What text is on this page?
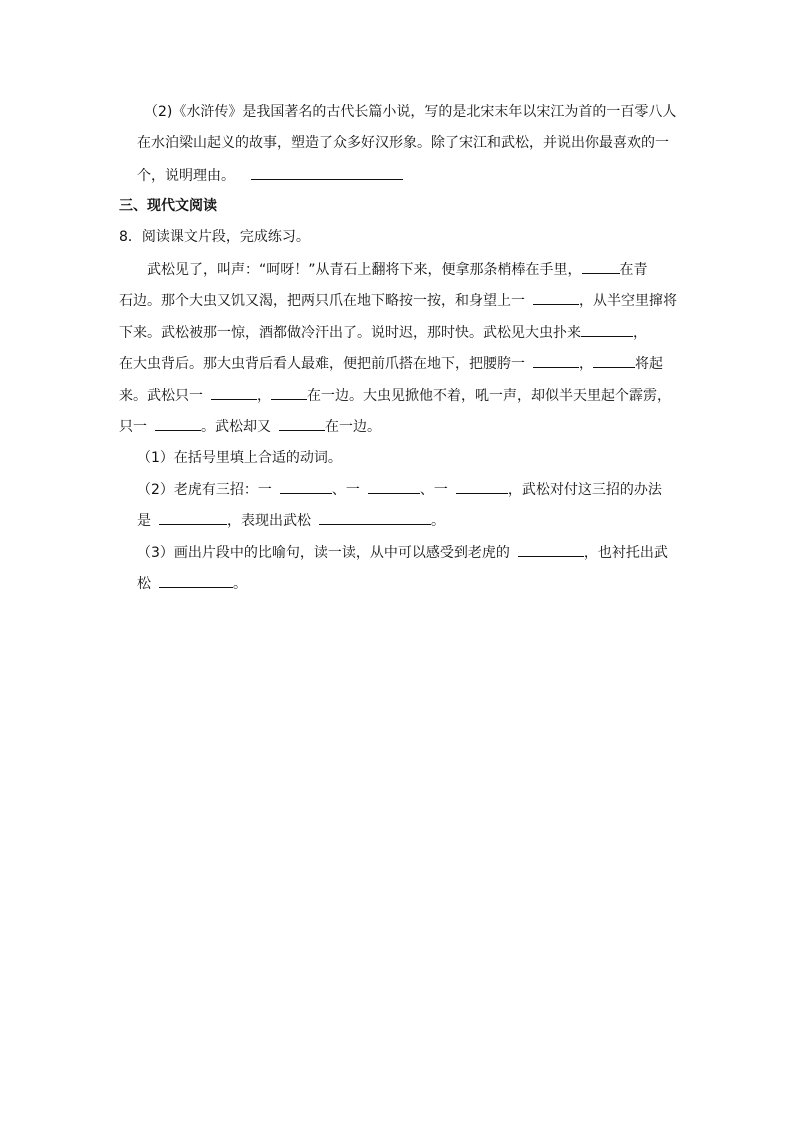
（2)《水浒传》是我国著名的古代长篇小说，写的是北宋末年以宋江为首的一百零八人
在水泊梁山起义的故事，塑造了众多好汉形象。除了宋江和武松，并说出你最喜欢的一
个，说明理由。
三、现代文阅读
8．阅读课文片段，完成练习。
武松见了，叫声：“呵呀！”从青石上翻将下来，便拿那条梢棒在手里，	在青
石边。那个大虫又饥又渴，把两只爪在地下略按一按，和身望上一	，从半空里撺将
下来。武松被那一惊，酒都做冷汗出了。说时迟，那时快。武松见大虫扑来	，
在大虫背后。那大虫背后看人最难，便把前爪搭在地下，把腰胯一	，	将起
来。武松只一	，	在一边。大虫见掀他不着，吼一声，却似半天里起个霹雳，
只一	。武松却又	在一边。
（1）在括号里填上合适的动词。
（2）老虎有三招：一	、一	、一	，武松对付这三招的办法
是	，表现出武松	。
（3）画出片段中的比喻句，读一读，从中可以感受到老虎的	，也衬托出武
松	。
